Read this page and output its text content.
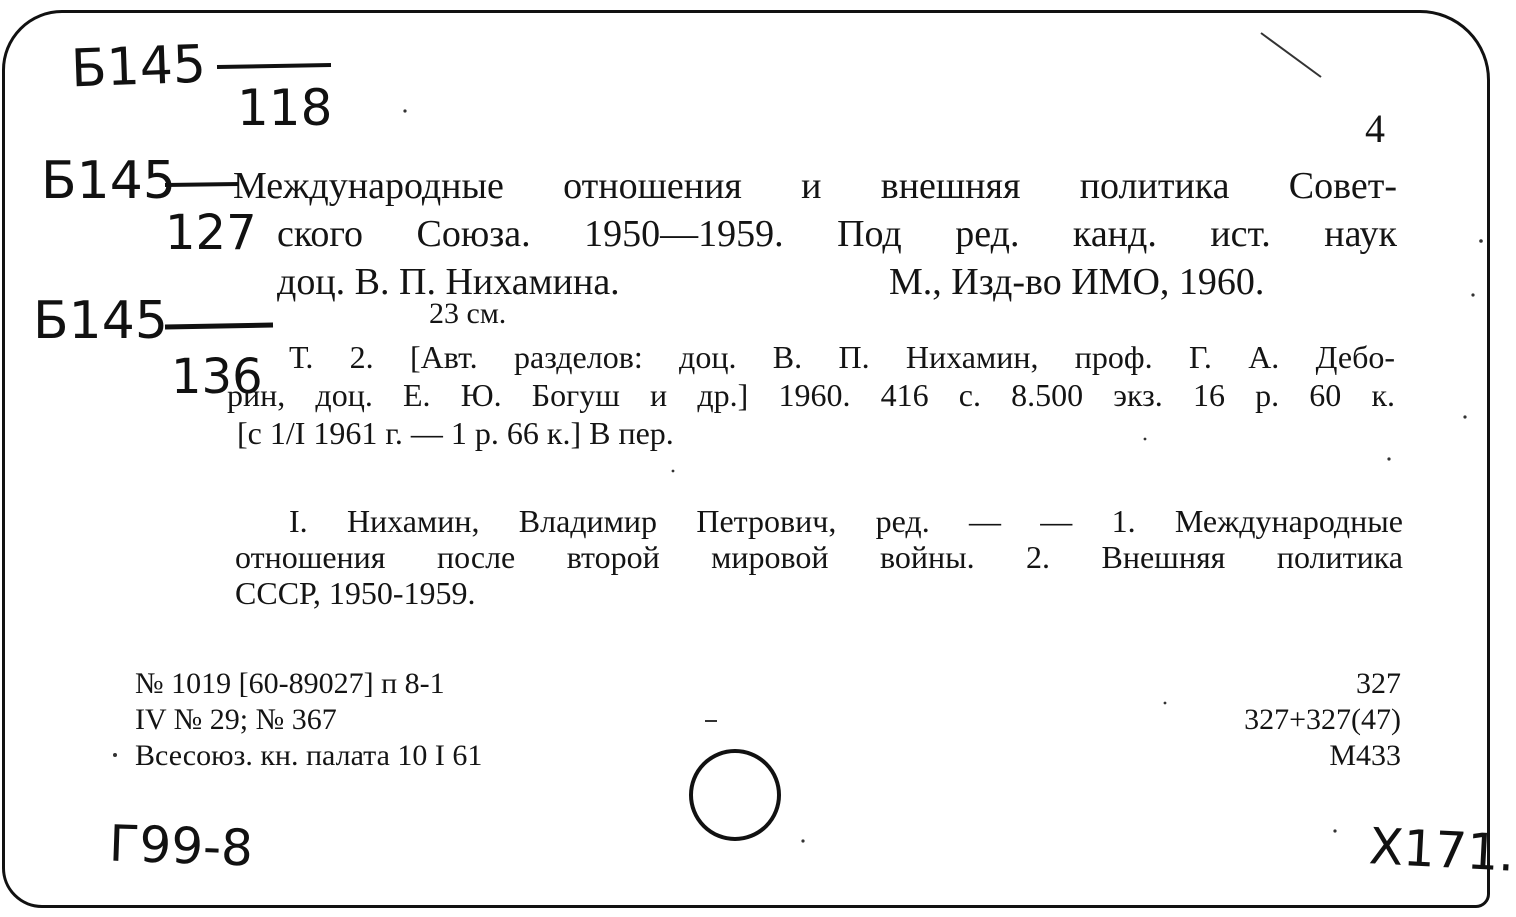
Б145
118
Б145
127
Б145
136
4
Международные отношения и внешняя политика Совет-
ского Союза. 1950—1959. Под ред. канд. ист. наук
доц. В. П. Нихамина.	М., Изд-во ИМО, 1960.
23 см.
Т. 2. [Авт. разделов: доц. В. П. Нихамин, проф. Г. А. Дебо-
рин, доц. Е. Ю. Богуш и др.] 1960. 416 с. 8.500 экз. 16 р. 60 к.
[с 1/I 1961 г. — 1 р. 66 к.] В пер.
I. Нихамин, Владимир Петрович, ред. — — 1. Международные
отношения после второй мировой войны. 2. Внешняя политика
СССР, 1950-1959.
№ 1019 [60-89027] п 8-1
IV № 29; № 367
Всесоюз. кн. палата 10 I 61
327
327+327(47)
М433
Г99-8	X171.
